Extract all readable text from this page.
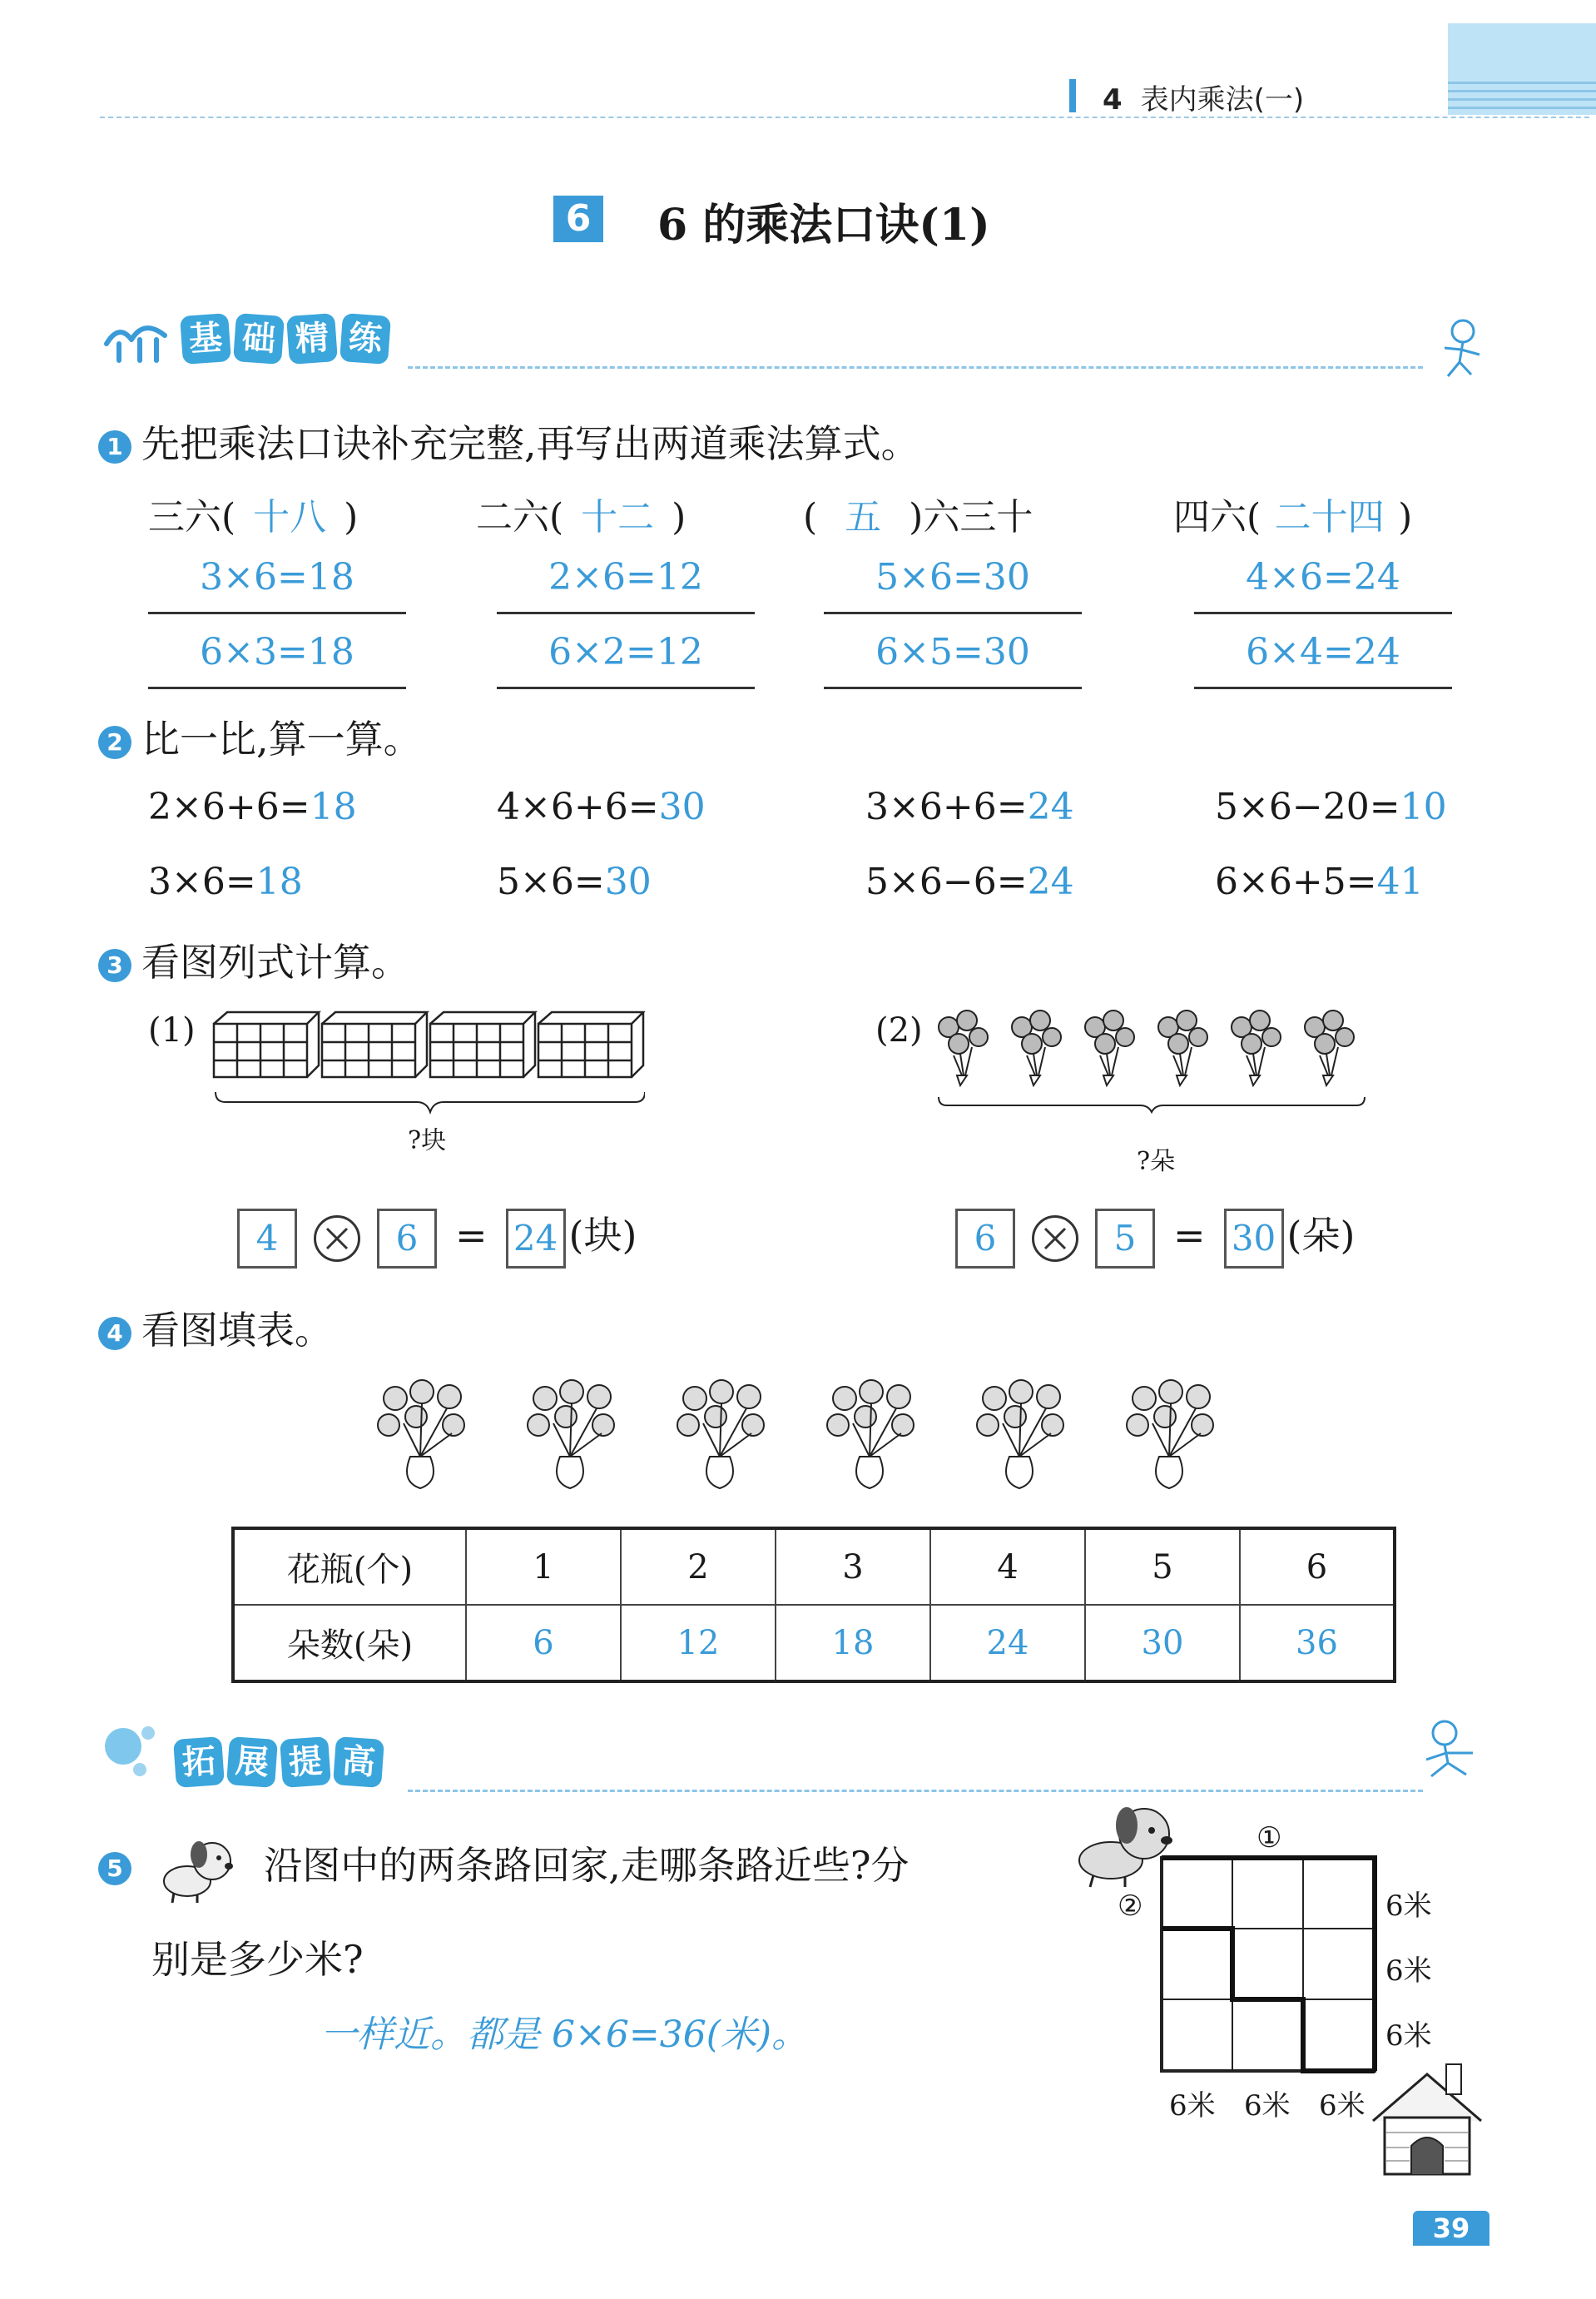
4 表内乘法(一)
6 6 的乘法口诀(1)
基 础 精 练
1 先把乘法口诀补充完整,再写出两道乘法算式。
三六( 十八 )	二六( 十二 )	( 五 )六三十	四六( 二十四 )
3×6=18	2×6=12	5×6=30	4×6=24
6×3=18	6×2=12	6×5=30	6×4=24
2 比一比,算一算。
2×6+6=18	4×6+6=30	3×6+6=24	5×6−20=10
3×6=18	5×6=30	5×6−6=24	6×6+5=41
3 看图列式计算。
(1)
?块
4	6 = 24 (块)
(2)
?朵
6	5 = 30 (朵)
4 看图填表。
花瓶(个)	1	2	3	4	5	6
朵数(朵)	6	12	18	24	30	36
拓 展 提 高
5	沿图中的两条路回家,走哪条路近些?分
别是多少米?
一样近。都是 6×6=36(米)。
①
②	6米
6米
6米
6米 6米 6米
39
